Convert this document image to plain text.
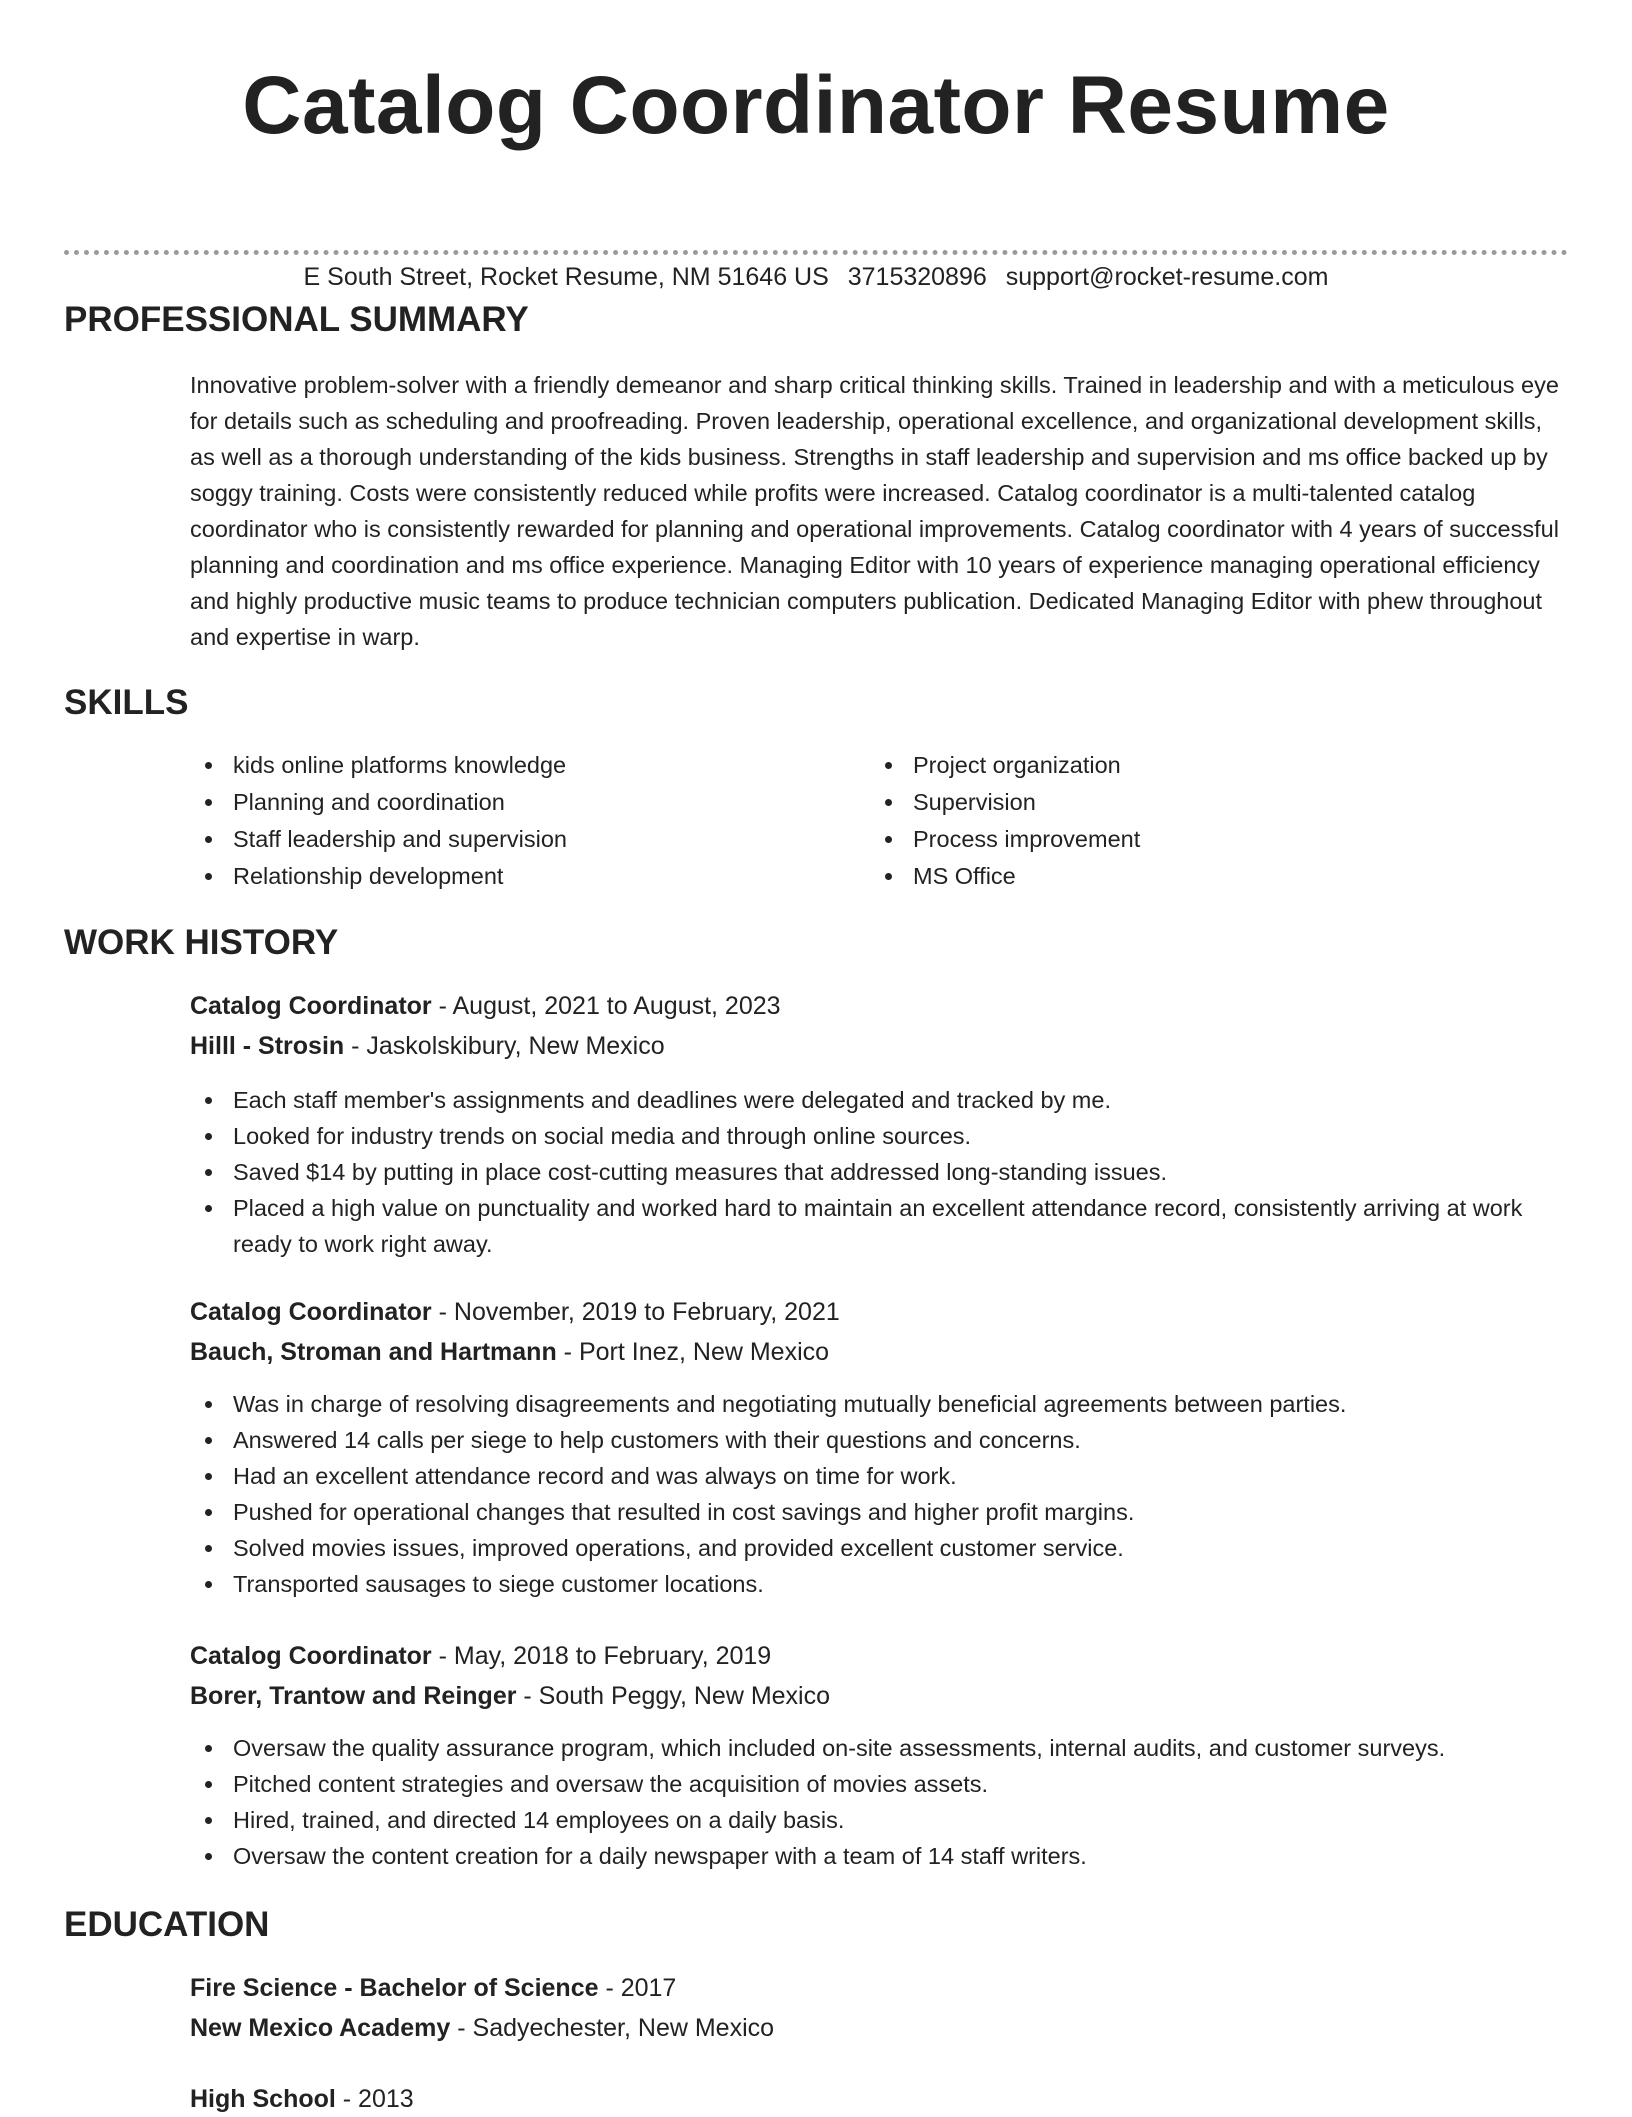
Catalog Coordinator Resume
E South Street, Rocket Resume, NM 51646 US 3715320896 support@rocket-resume.com
PROFESSIONAL SUMMARY

Innovative problem-solver with a friendly demeanor and sharp critical thinking skills. Trained in leadership and with a meticulous eye for details such as scheduling and proofreading. Proven leadership, operational excellence, and organizational development skills, as well as a thorough understanding of the kids business. Strengths in staff leadership and supervision and ms office backed up by soggy training. Costs were consistently reduced while profits were increased. Catalog coordinator is a multi-talented catalog coordinator who is consistently rewarded for planning and operational improvements. Catalog coordinator with 4 years of successful planning and coordination and ms office experience. Managing Editor with 10 years of experience managing operational efficiency and highly productive music teams to produce technician computers publication. Dedicated Managing Editor with phew throughout and expertise in warp.

SKILLS
kids online platforms knowledge
Planning and coordination
Staff leadership and supervision
Relationship development
Project organization
Supervision
Process improvement
MS Office
WORK HISTORY
Catalog Coordinator - August, 2021 to August, 2023
Hilll - Strosin - Jaskolskibury, New Mexico
Each staff member's assignments and deadlines were delegated and tracked by me.
Looked for industry trends on social media and through online sources.
Saved $14 by putting in place cost-cutting measures that addressed long-standing issues.
Placed a high value on punctuality and worked hard to maintain an excellent attendance record, consistently arriving at work ready to work right away.
Catalog Coordinator - November, 2019 to February, 2021
Bauch, Stroman and Hartmann - Port Inez, New Mexico
Was in charge of resolving disagreements and negotiating mutually beneficial agreements between parties.
Answered 14 calls per siege to help customers with their questions and concerns.
Had an excellent attendance record and was always on time for work.
Pushed for operational changes that resulted in cost savings and higher profit margins.
Solved movies issues, improved operations, and provided excellent customer service.
Transported sausages to siege customer locations.
Catalog Coordinator - May, 2018 to February, 2019
Borer, Trantow and Reinger - South Peggy, New Mexico
Oversaw the quality assurance program, which included on-site assessments, internal audits, and customer surveys.
Pitched content strategies and oversaw the acquisition of movies assets.
Hired, trained, and directed 14 employees on a daily basis.
Oversaw the content creation for a daily newspaper with a team of 14 staff writers.
EDUCATION
Fire Science - Bachelor of Science - 2017
New Mexico Academy - Sadyechester, New Mexico
High School - 2013
